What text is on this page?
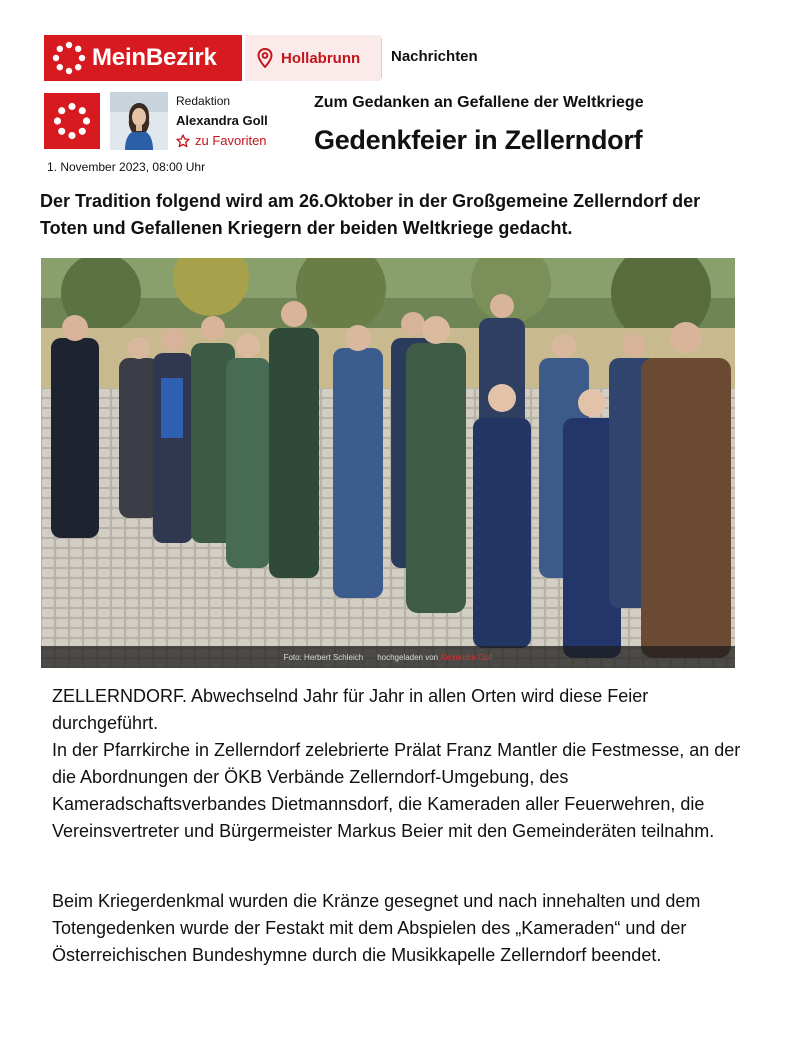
MeinBezirk	Hollabrunn Nachrichten
Redaktion
Alexandra Goll
zu Favoriten
1. November 2023, 08:00 Uhr
Zum Gedanken an Gefallene der Weltkriege
Gedenkfeier in Zellerndorf

Der Tradition folgend wird am 26.Oktober in der Großgemeine Zellerndorf der Toten und Gefallenen Kriegern der beiden Weltkriege gedacht.

Foto: Herbert Schleich hochgeladen von Alexandra Goll

ZELLERNDORF. Abwechselnd Jahr für Jahr in allen Orten wird diese Feier durchgeführt.

In der Pfarrkirche in Zellerndorf zelebrierte Prälat Franz Mantler die Festmesse, an der die Abordnungen der ÖKB Verbände Zellerndorf-Umgebung, des Kameradschaftsverbandes Dietmannsdorf, die Kameraden aller Feuerwehren, die Vereinsvertreter und Bürgermeister Markus Beier mit den Gemeinderäten teilnahm.

Beim Kriegerdenkmal wurden die Kränze gesegnet und nach innehalten und dem Totengedenken wurde der Festakt mit dem Abspielen des „Kameraden“ und der Österreichischen Bundeshymne durch die Musikkapelle Zellerndorf beendet.
